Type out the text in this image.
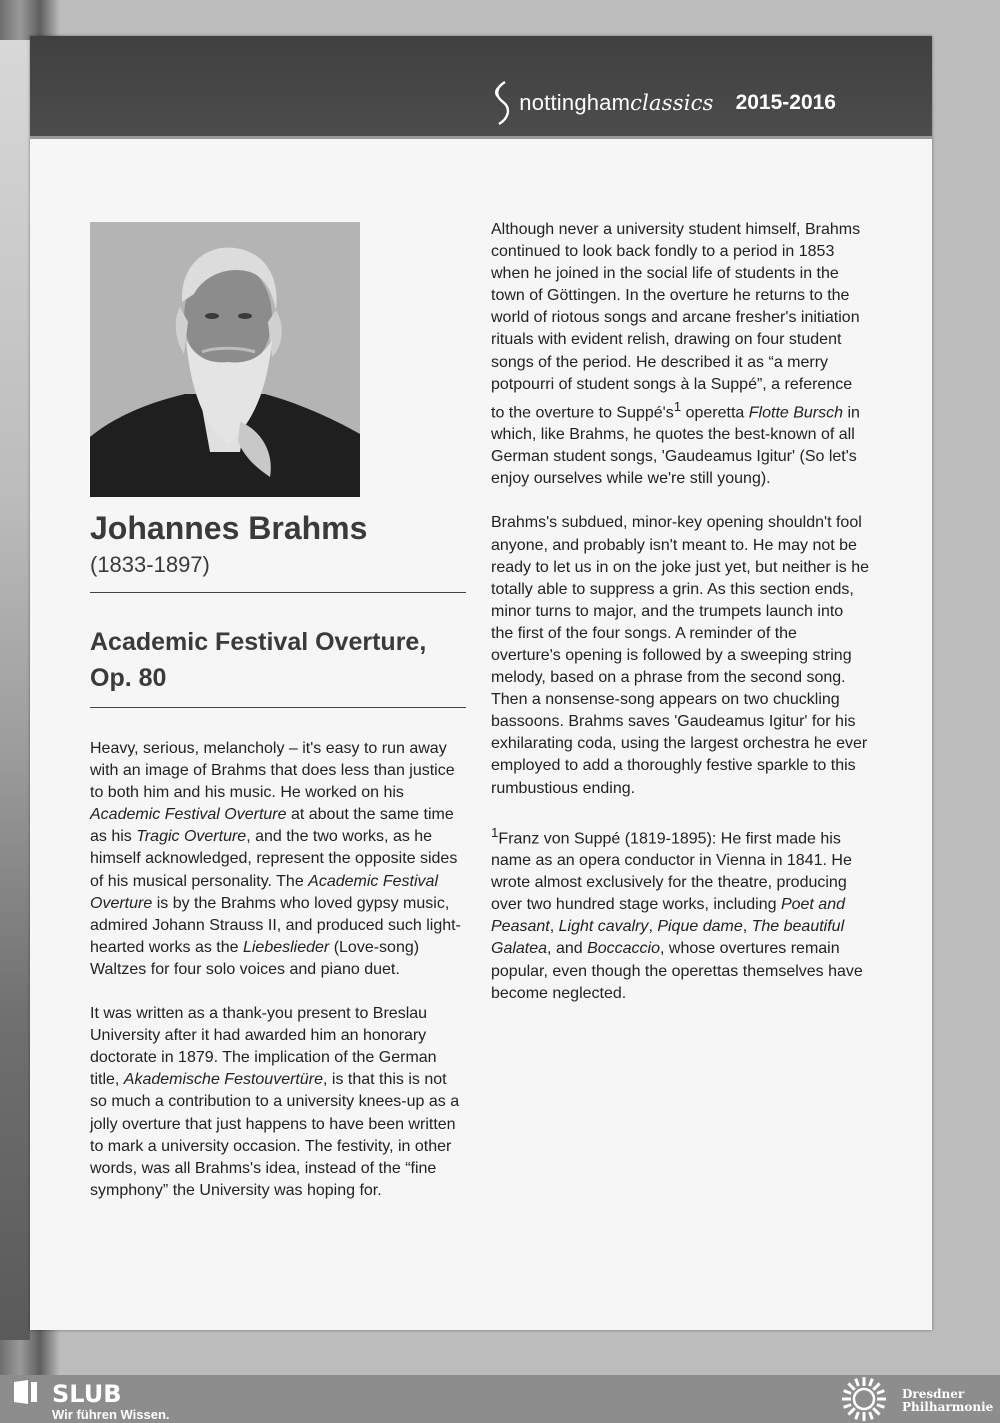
nottinghamclassics 2015-2016
Johannes Brahms
(1833-1897)
Academic Festival Overture, Op. 80

Heavy, serious, melancholy – it's easy to run away with an image of Brahms that does less than justice to both him and his music. He worked on his Academic Festival Overture at about the same time as his Tragic Overture, and the two works, as he himself acknowledged, represent the opposite sides of his musical personality. The Academic Festival Overture is by the Brahms who loved gypsy music, admired Johann Strauss II, and produced such light-hearted works as the Liebeslieder (Love-song) Waltzes for four solo voices and piano duet.

It was written as a thank-you present to Breslau University after it had awarded him an honorary doctorate in 1879. The implication of the German title, Akademische Festouvertüre, is that this is not so much a contribution to a university knees-up as a jolly overture that just happens to have been written to mark a university occasion. The festivity, in other words, was all Brahms's idea, instead of the “fine symphony” the University was hoping for.

Although never a university student himself, Brahms continued to look back fondly to a period in 1853 when he joined in the social life of students in the town of Göttingen. In the overture he returns to the world of riotous songs and arcane fresher's initiation rituals with evident relish, drawing on four student songs of the period. He described it as “a merry potpourri of student songs à la Suppé”, a reference to the overture to $Suppé's^1$ operetta Flotte Bursch in which, like Brahms, he quotes the best-known of all German student songs, 'Gaudeamus Igitur' (So let's enjoy ourselves while we're still young).

Brahms's subdued, minor-key opening shouldn't fool anyone, and probably isn't meant to. He may not be ready to let us in on the joke just yet, but neither is he totally able to suppress a grin. As this section ends, minor turns to major, and the trumpets launch into the first of the four songs. A reminder of the overture's opening is followed by a sweeping string melody, based on a phrase from the second song. Then a nonsense-song appears on two chuckling bassoons. Brahms saves 'Gaudeamus Igitur' for his exhilarating coda, using the largest orchestra he ever employed to add a thoroughly festive sparkle to this rumbustious ending.

$^1$Franz von Suppé (1819-1895): He first made his name as an opera conductor in Vienna in 1841. He wrote almost exclusively for the theatre, producing over two hundred stage works, including Poet and Peasant, Light cavalry, Pique dame, The beautiful Galatea, and Boccaccio, whose overtures remain popular, even though the operettas themselves have become neglected.

SLUB
Wir führen Wissen.
Dresdner
Philharmonie
